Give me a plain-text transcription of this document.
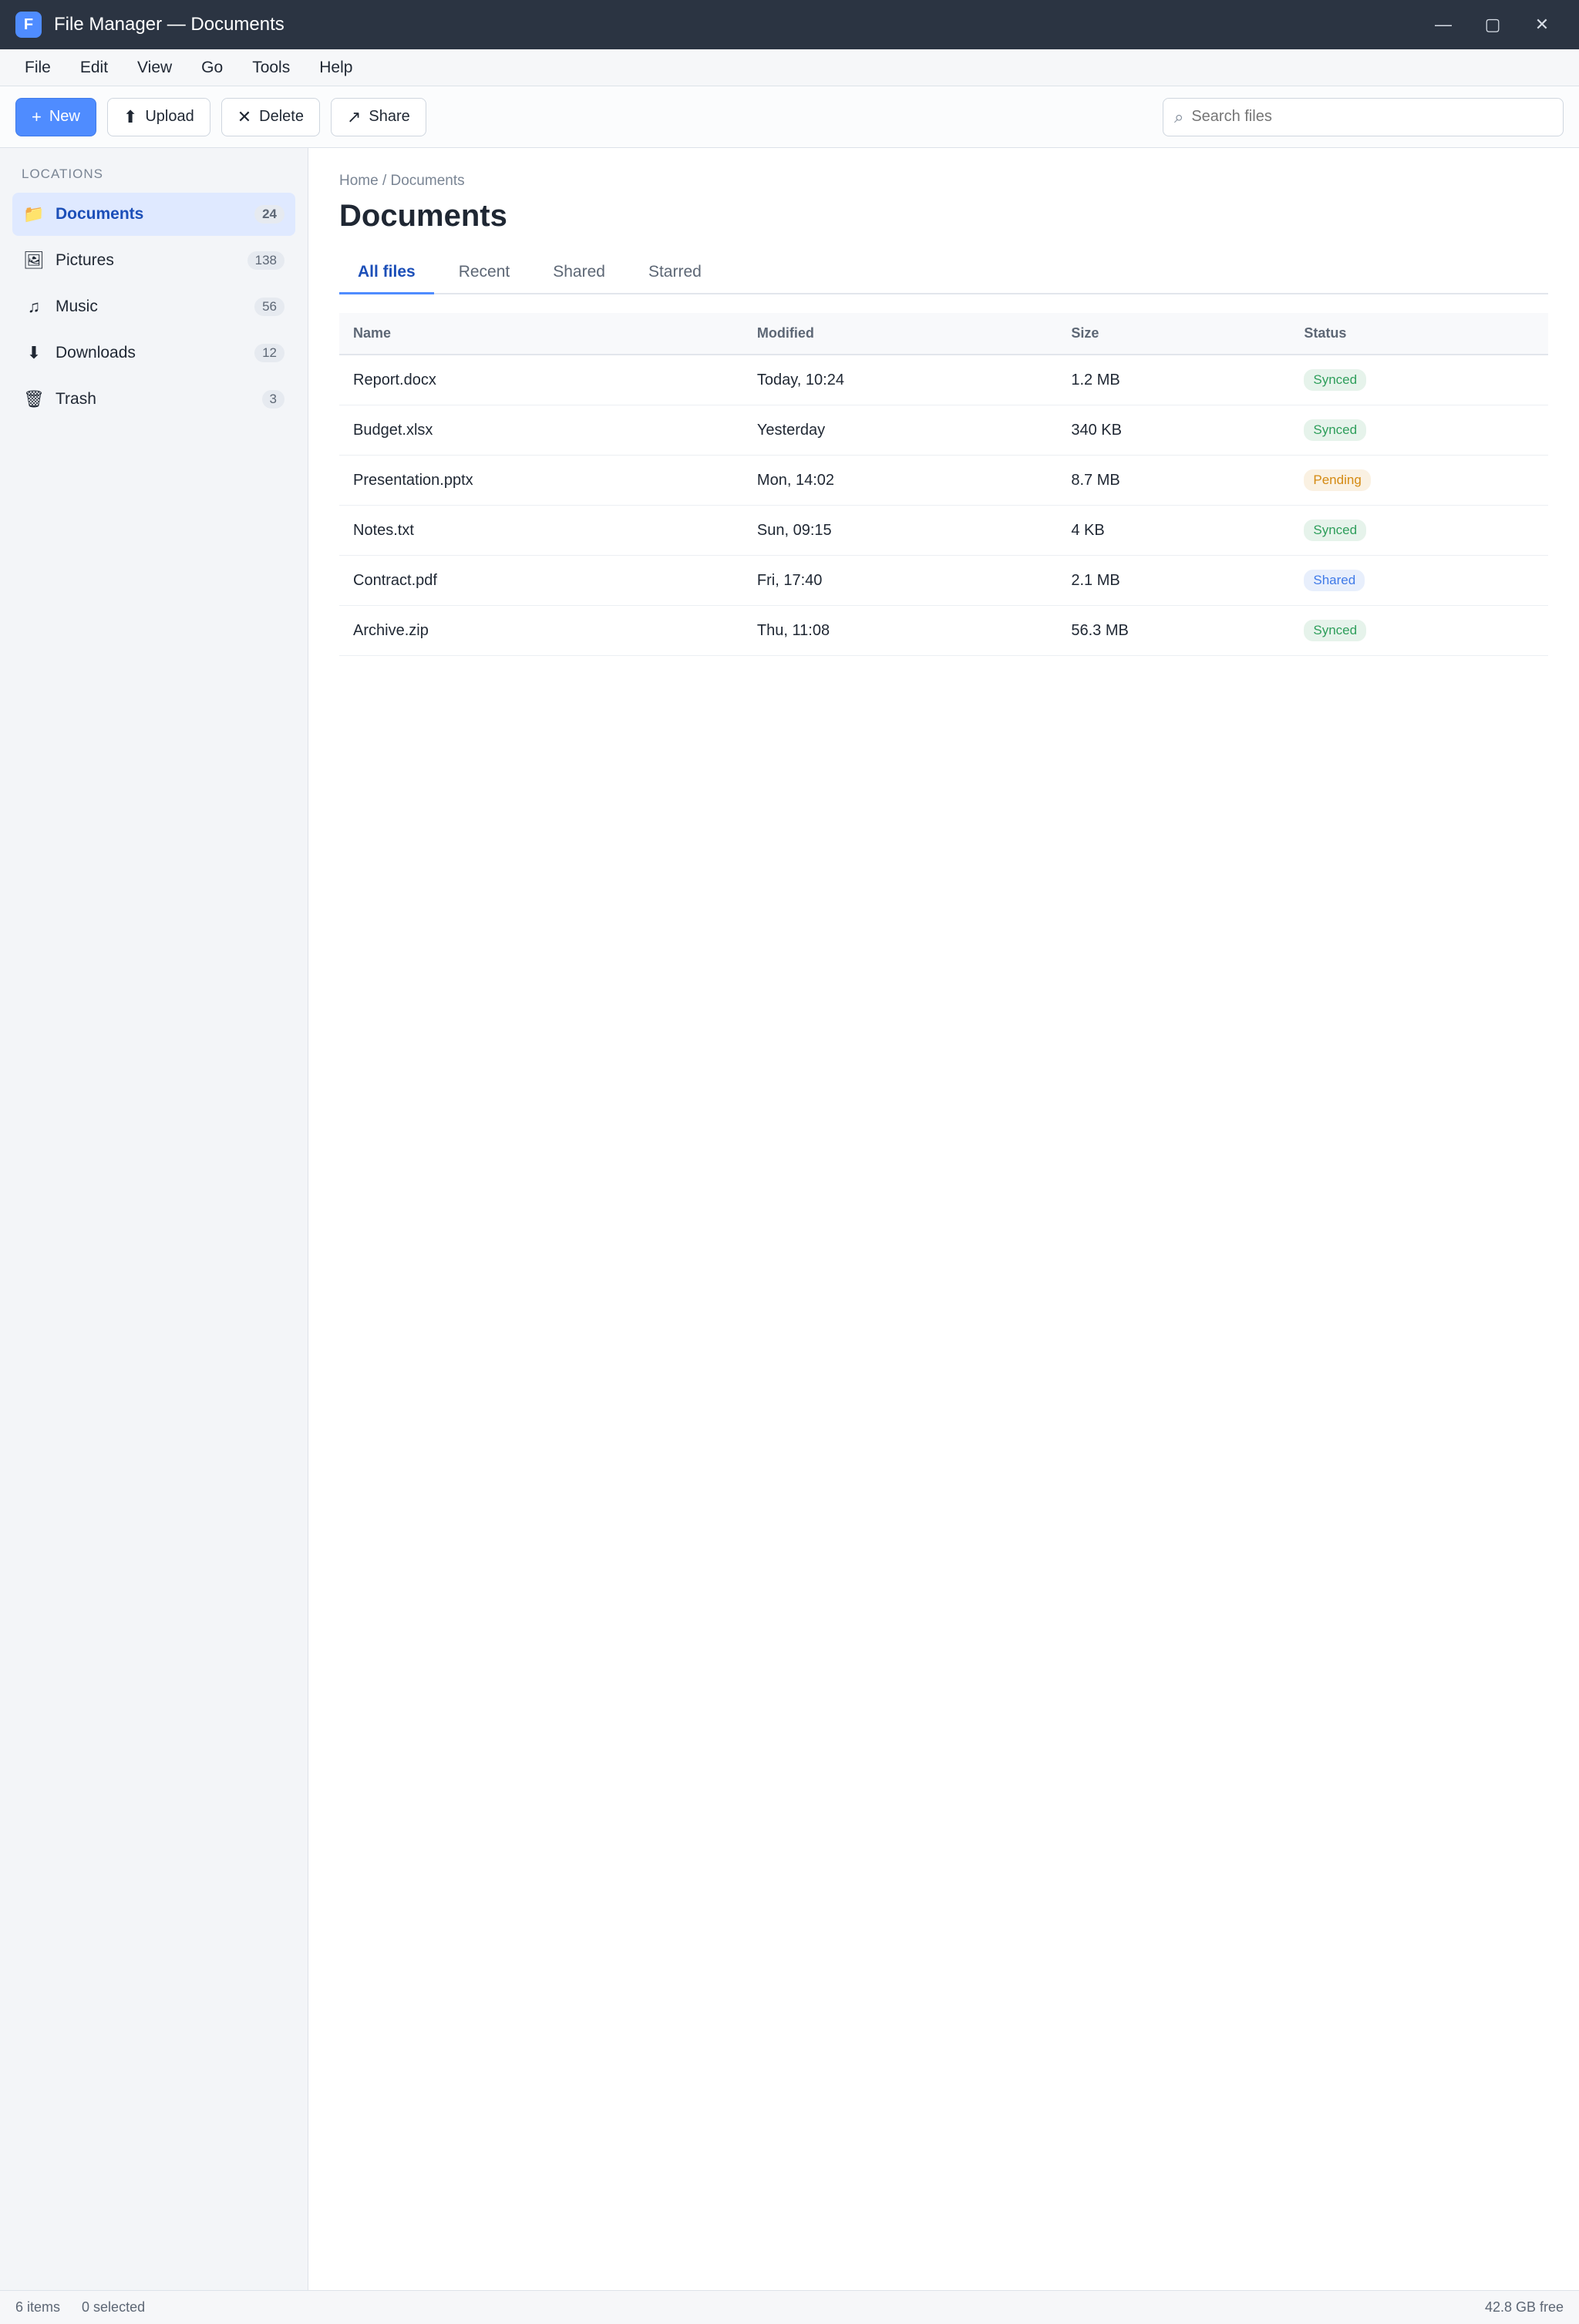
F	File Manager — Documents	—	▢	✕
File	Edit	View	Go	Tools	Help
+ New	⬆ Upload	✕ Delete	↗ Share	⌕
Search files
LOCATIONS
📁 Documents	24
🖼 Pictures	138
♫ Music	56
⬇ Downloads	12
🗑 Trash	3
Home / Documents
Documents
All files	Recent	Shared	Starred
Name	Modified	Size	Status
Report.docx	Today, 10:24	1.2 MB	Synced
Budget.xlsx	Yesterday	340 KB	Synced
Presentation.pptx	Mon, 14:02	8.7 MB	Pending
Notes.txt	Sun, 09:15	4 KB	Synced
Contract.pdf	Fri, 17:40	2.1 MB	Shared
Archive.zip	Thu, 11:08	56.3 MB	Synced
6 items 0 selected	42.8 GB free
